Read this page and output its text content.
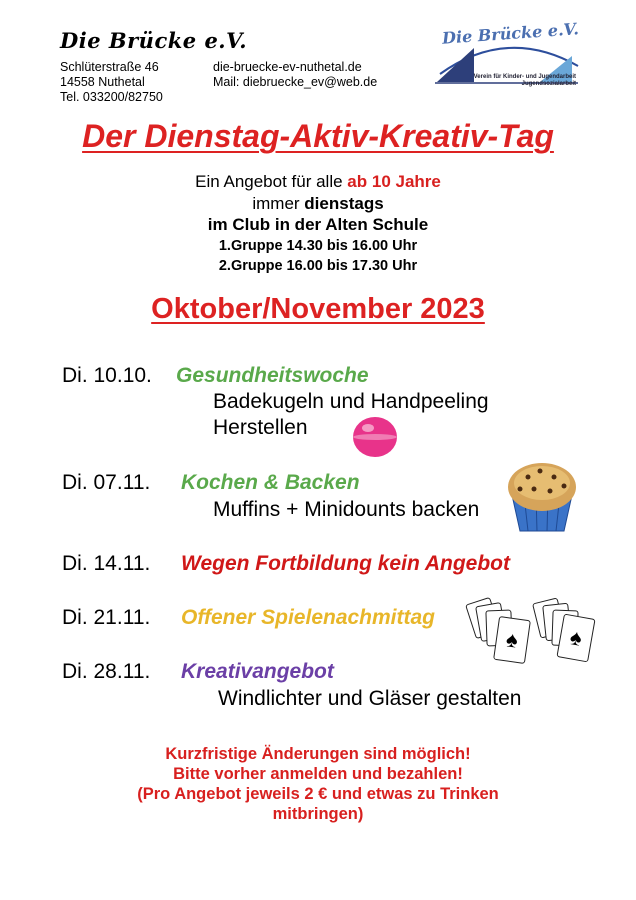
Die Brücke e.V.
Schlüterstraße 46
14558 Nuthetal
Tel. 033200/82750
die-bruecke-ev-nuthetal.de
Mail: diebruecke_ev@web.de
Die Brücke e.V.
Verein für Kinder- und Jugendarbeit
Jugendsozialarbeit
Der Dienstag-Aktiv-Kreativ-Tag
Ein Angebot für alle ab 10 Jahre
immer dienstags
im Club in der Alten Schule
1.Gruppe 14.30 bis 16.00 Uhr
2.Gruppe 16.00 bis 17.30 Uhr
Oktober/November 2023
Di. 10.10. Gesundheitswoche
Badekugeln und Handpeeling
Herstellen
Di. 07.11. Kochen & Backen
Muffins + Minidounts backen
Di. 14.11. Wegen Fortbildung kein Angebot
Di. 21.11. Offener Spielenachmittag
♠	♠
Di. 28.11. Kreativangebot
Windlichter und Gläser gestalten
Kurzfristige Änderungen sind möglich!
Bitte vorher anmelden und bezahlen!
(Pro Angebot jeweils 2 € und etwas zu Trinken
mitbringen)
